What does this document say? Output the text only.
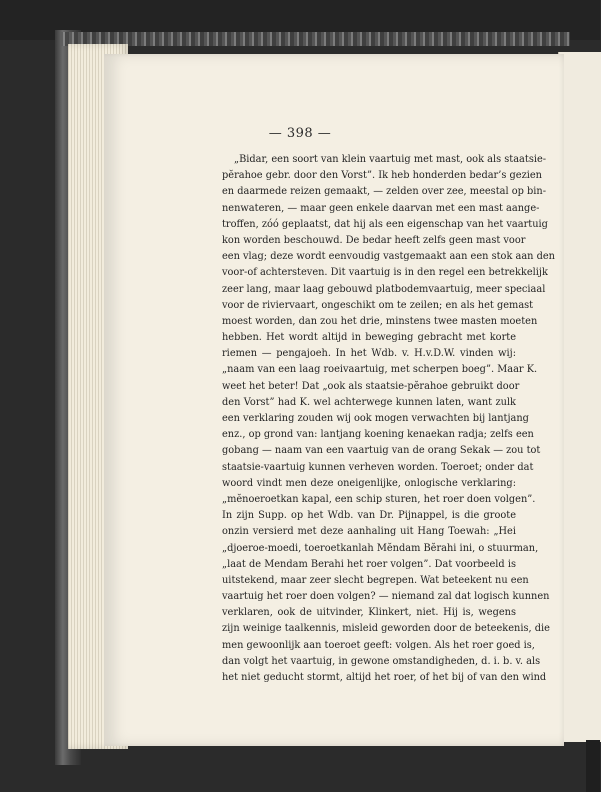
— 398 —
„Bidar, een soort van klein vaartuig met mast, ook als staatsie-
pĕrahoe gebr. door den Vorst”. Ik heb honderden bedar’s gezien
en daarmede reizen gemaakt, — zelden over zee, meestal op bin-
nenwateren, — maar geen enkele daarvan met een mast aange-
troffen, zóó geplaatst, dat hij als een eigenschap van het vaartuig
kon worden beschouwd. De bedar heeft zelfs geen mast voor
een vlag; deze wordt eenvoudig vastgemaakt aan een stok aan den
voor-of achtersteven. Dit vaartuig is in den regel een betrekkelijk
zeer lang, maar laag gebouwd platbodemvaartuig, meer speciaal
voor de riviervaart, ongeschikt om te zeilen; en als het gemast
moest worden, dan zou het drie, minstens twee masten moeten
hebben. Het wordt altijd in beweging gebracht met korte
riemen — pengajoeh. In het Wdb. v. H.v.D.W. vinden wij:
„naam van een laag roeivaartuig, met scherpen boeg”. Maar K.
weet het beter! Dat „ook als staatsie-pĕrahoe gebruikt door
den Vorst” had K. wel achterwege kunnen laten, want zulk
een verklaring zouden wij ook mogen verwachten bij lantjang
enz., op grond van: lantjang koening kenaekan radja; zelfs een
gobang — naam van een vaartuig van de orang Sekak — zou tot
staatsie-vaartuig kunnen verheven worden. Toeroet; onder dat
woord vindt men deze oneigenlijke, onlogische verklaring:
„mĕnoeroetkan kapal, een schip sturen, het roer doen volgen”.
In zijn Supp. op het Wdb. van Dr. Pijnappel, is die groote
onzin versierd met deze aanhaling uit Hang Toewah: „Hei
„djoeroe-moedi, toeroetkanlah Mĕndam Bĕrahi ini, o stuurman,
„laat de Mendam Berahi het roer volgen”. Dat voorbeeld is
uitstekend, maar zeer slecht begrepen. Wat beteekent nu een
vaartuig het roer doen volgen? — niemand zal dat logisch kunnen
verklaren, ook de uitvinder, Klinkert, niet. Hij is, wegens
zijn weinige taalkennis, misleid geworden door de beteekenis, die
men gewoonlijk aan toeroet geeft: volgen. Als het roer goed is,
dan volgt het vaartuig, in gewone omstandigheden, d. i. b. v. als
het niet geducht stormt, altijd het roer, of het bij of van den wind
